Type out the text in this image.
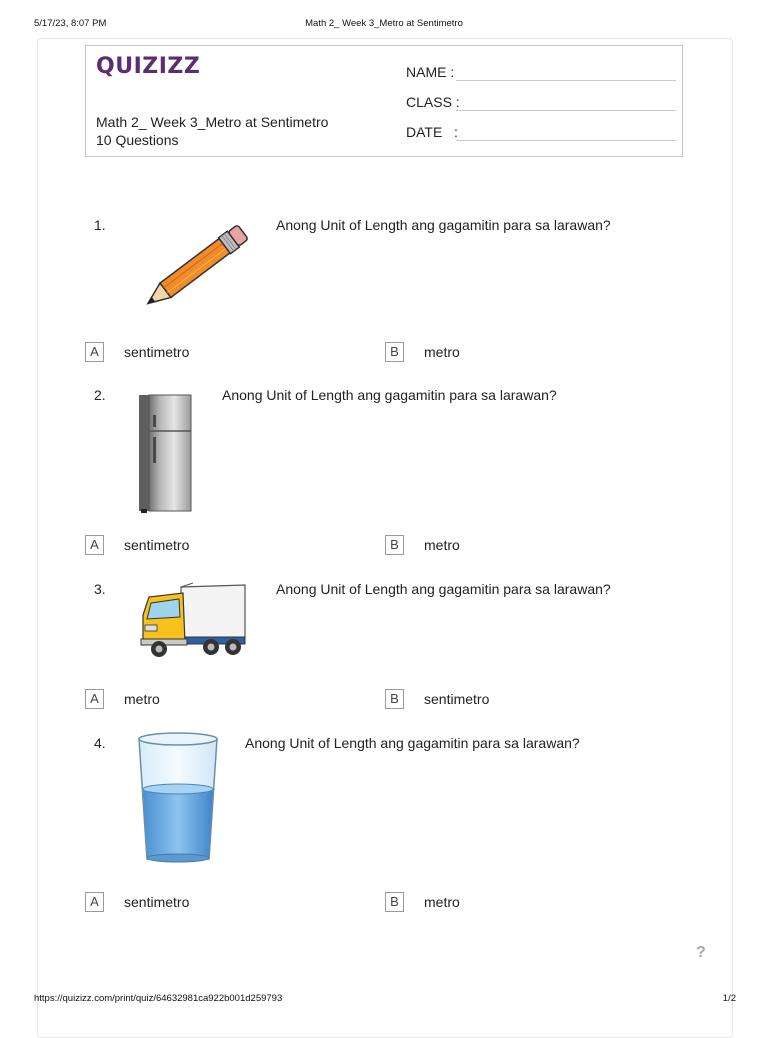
5/17/23, 8:07 PM	Math 2_ Week 3_Metro at Sentimetro
QUIZIZZ
Math 2_ Week 3_Metro at Sentimetro
10 Questions
NAME :
CLASS :
DATE   :
1.	Anong Unit of Length ang gagamitin para sa larawan?
A	sentimetro	B	metro
2.	Anong Unit of Length ang gagamitin para sa larawan?
A	sentimetro	B	metro
3.	Anong Unit of Length ang gagamitin para sa larawan?
A	metro	B	sentimetro
4.	Anong Unit of Length ang gagamitin para sa larawan?
A	sentimetro	B	metro
?
https://quizizz.com/print/quiz/64632981ca922b001d259793	1/2
